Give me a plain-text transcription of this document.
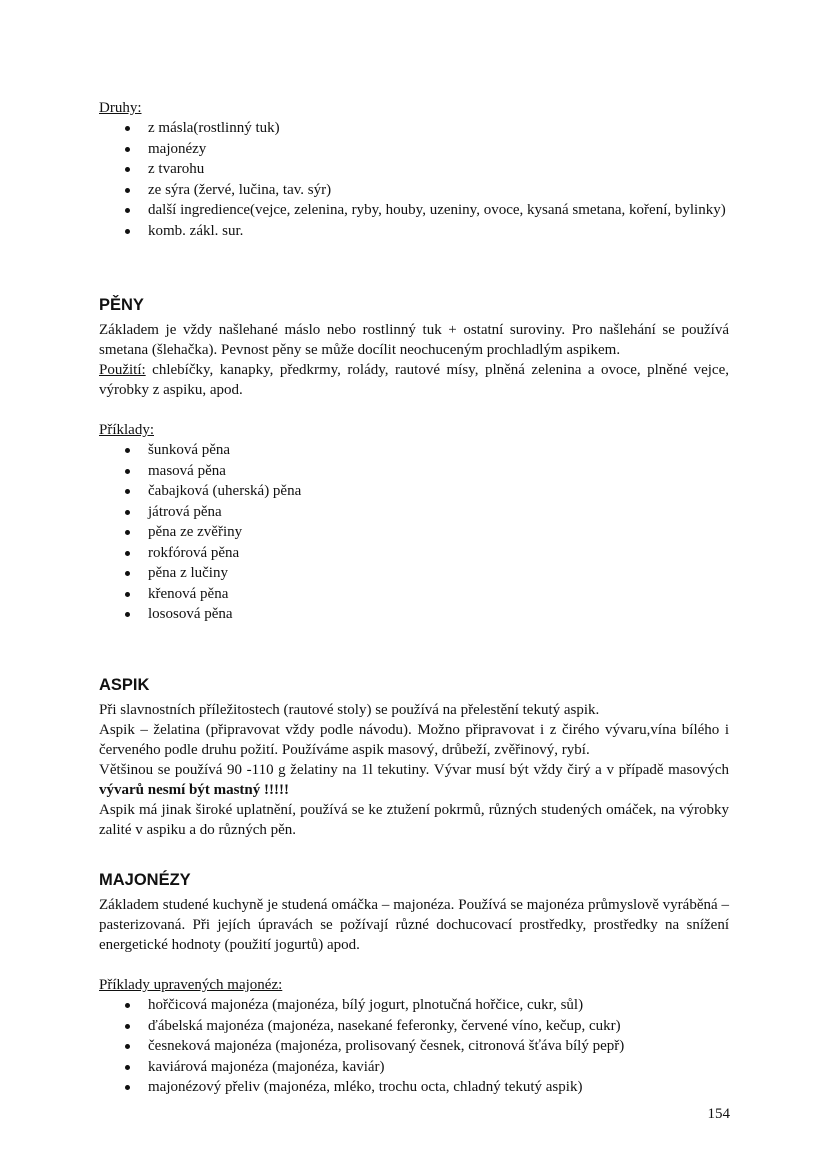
Druhy:
z másla(rostlinný tuk)
majonézy
z tvarohu
ze sýra (žervé, lučina, tav. sýr)
další ingredience(vejce, zelenina, ryby, houby, uzeniny, ovoce, kysaná smetana, koření, bylinky)
komb. zákl. sur.
PĚNY

Základem je vždy našlehané máslo nebo rostlinný tuk + ostatní suroviny. Pro našlehání se používá smetana (šlehačka). Pevnost pěny se může docílit neochuceným prochladlým aspikem.

Použití: chlebíčky, kanapky, předkrmy, rolády, rautové mísy, plněná zelenina a ovoce, plněné vejce, výrobky z aspiku, apod.

Příklady:
šunková pěna
masová pěna
čabajková (uherská) pěna
játrová pěna
pěna ze zvěřiny
rokfórová pěna
pěna z lučiny
křenová pěna
lososová pěna
ASPIK

Při slavnostních příležitostech (rautové stoly) se používá na přelestění tekutý aspik.

Aspik – želatina (připravovat vždy podle návodu). Možno připravovat i z čirého vývaru,vína bílého i červeného podle druhu požití. Používáme aspik masový, drůbeží, zvěřinový, rybí.

Většinou se používá 90 -110 g želatiny na 1l tekutiny. Vývar musí být vždy čirý a v případě masových vývarů nesmí být mastný !!!!!

Aspik má jinak široké uplatnění, používá se ke ztužení pokrmů, různých studených omáček, na výrobky zalité v aspiku a do různých pěn.

MAJONÉZY

Základem studené kuchyně je studená omáčka – majonéza. Používá se majonéza průmyslově vyráběná – pasterizovaná. Při jejích úpravách se požívají různé dochucovací prostředky, prostředky na snížení energetické hodnoty (použití jogurtů) apod.

Příklady upravených majonéz:
hořčicová majonéza (majonéza, bílý jogurt, plnotučná hořčice, cukr, sůl)
ďábelská majonéza (majonéza, nasekané feferonky, červené víno, kečup, cukr)
česneková majonéza (majonéza, prolisovaný česnek, citronová šťáva bílý pepř)
kaviárová majonéza (majonéza, kaviár)
majonézový přeliv (majonéza, mléko, trochu octa, chladný tekutý aspik)
154
